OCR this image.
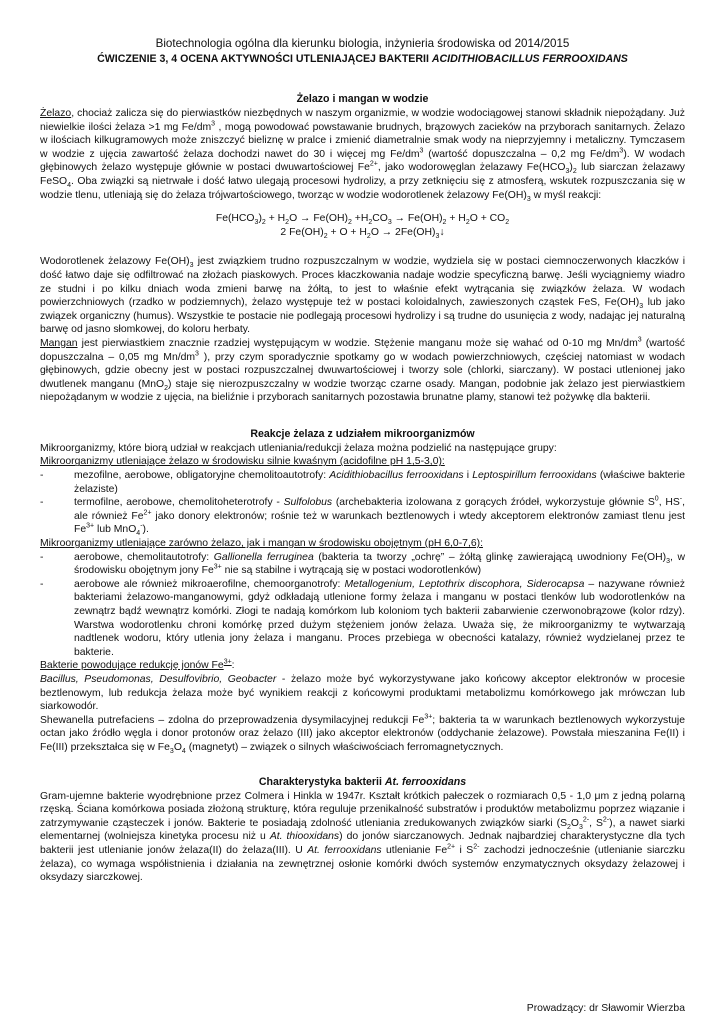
Biotechnologia ogólna dla kierunku biologia, inżynieria środowiska od 2014/2015
ĆWICZENIE 3, 4 OCENA AKTYWNOŚCI UTLENIAJĄCEJ BAKTERII ACIDITHIOBACILLUS FERROOXIDANS
Żelazo i mangan w wodzie

Żelazo, chociaż zalicza się do pierwiastków niezbędnych w naszym organizmie, w wodzie wodociągowej stanowi składnik niepożądany. Już niewielkie ilości żelaza >1 mg $Fe/dm^3$ , mogą powodować powstawanie brudnych, brązowych zacieków na przyborach sanitarnych. Żelazo w ilościach kilkugramowych może zniszczyć bieliznę w pralce i zmienić diametralnie smak wody na nieprzyjemny i metaliczny. Tymczasem w wodzie z ujęcia zawartość żelaza dochodzi nawet do 30 i więcej mg $Fe/dm^3$ (wartość dopuszczalna – 0,2 mg $Fe/dm^3$). W wodach głębinowych żelazo występuje głównie w postaci dwuwartościowej $Fe^{2+}$, jako wodorowęglan żelazawy $Fe(HCO_3)_2$ lub siarczan żelazawy FeSO$_4$. Oba związki są nietrwałe i dość łatwo ulegają procesowi hydrolizy, a przy zetknięciu się z atmosferą, wskutek rozpuszczania się w wodzie tlenu, utleniają się do żelaza trójwartościowego, tworząc w wodzie wodorotlenek żelazowy $Fe(OH)_3$ w myśl reakcji:

$Fe(HCO_3)_2 + H_2O \to Fe(OH)_2 +H_2CO_3 \to Fe(OH)_2 + H_2O + CO_2$
2 $Fe(OH)_2 + O + H_2O$ → $2Fe(OH)_3↓$

Wodorotlenek żelazowy $Fe(OH)_3$ jest związkiem trudno rozpuszczalnym w wodzie, wydziela się w postaci ciemnoczerwonych kłaczków i dość łatwo daje się odfiltrować na złożach piaskowych. Proces kłaczkowania nadaje wodzie specyficzną barwę. Jeśli wyciągniemy wiadro ze studni i po kilku dniach woda zmieni barwę na żółtą, to jest to właśnie efekt wytrącania się związków żelaza. W wodach powierzchniowych (rzadko w podziemnych), żelazo występuje też w postaci koloidalnych, zawieszonych cząstek FeS, $Fe(OH)_3$ lub jako związek organiczny (humus). Wszystkie te postacie nie podlegają procesowi hydrolizy i są trudne do usunięcia z wody, nadając jej naturalną barwę od jasno słomkowej, do koloru herbaty.

Mangan jest pierwiastkiem znacznie rzadziej występującym w wodzie. Stężenie manganu może się wahać od 0-10 mg $Mn/dm^3$ (wartość dopuszczalna – 0,05 mg $Mn/dm^3$ ), przy czym sporadycznie spotkamy go w wodach powierzchniowych, częściej natomiast w wodach głębinowych, gdzie obecny jest w postaci rozpuszczalnej dwuwartościowej i tworzy sole (chlorki, siarczany). W postaci utlenionej jako dwutlenek manganu (MnO$_2$) staje się nierozpuszczalny w wodzie tworząc czarne osady. Mangan, podobnie jak żelazo jest pierwiastkiem niepożądanym w wodzie z ujęcia, na bieliźnie i przyborach sanitarnych pozostawia brunatne plamy, stanowi też pożywkę dla bakterii.

Reakcje żelaza z udziałem mikroorganizmów

Mikroorganizmy, które biorą udział w reakcjach utleniania/redukcji żelaza można podzielić na następujące grupy:

Mikroorganizmy utleniające żelazo w środowisku silnie kwaśnym (acidofilne pH 1,5-3,0):

- mezofilne, aerobowe, obligatoryjne chemolitoautotrofy: Acidithiobacillus ferrooxidans i Leptospirillum ferrooxidans (właściwe bakterie żelaziste)
- termofilne, aerobowe, chemolitoheterotrofy - Sulfolobus (archebakteria izolowana z gorących źródeł, wykorzystuje głównie $S^0$, HS-, ale również $Fe^{2+}$ jako donory elektronów; rośnie też w warunkach beztlenowych i wtedy akceptorem elektronów zamiast tlenu jest $Fe^{3+}$ lub MnO$_4$-).

Mikroorganizmy utleniające zarówno żelazo, jak i mangan w środowisku obojętnym (pH 6,0-7,6):

- aerobowe, chemolitautotrofy: Gallionella ferruginea (bakteria ta tworzy „ochrę” – żółtą glinkę zawierającą uwodniony $Fe(OH)_3$, w środowisku obojętnym jony $Fe^{3+}$ nie są stabilne i wytrącają się w postaci wodorotlenków)
- aerobowe ale również mikroaerofilne, chemoorganotrofy: Metallogenium, Leptothrix discophora, Siderocapsa – nazywane również bakteriami żelazowo-manganowymi, gdyż odkładają utlenione formy żelaza i manganu w postaci tlenków lub wodorotlenków na zewnątrz bądź wewnątrz komórki. Złogi te nadają komórkom lub koloniom tych bakterii zabarwienie czerwonobrązowe (kolor rdzy). Warstwa wodorotlenku chroni komórkę przed dużym stężeniem jonów żelaza. Uważa się, że mikroorganizmy te wytwarzają nadtlenek wodoru, który utlenia jony żelaza i manganu. Proces przebiega w obecności katalazy, również wydzielanej przez te bakterie.

Bakterie powodujące redukcję jonów $Fe^{3+}$:

Bacillus, Pseudomonas, Desulfovibrio, Geobacter - żelazo może być wykorzystywane jako końcowy akceptor elektronów w procesie beztlenowym, lub redukcja żelaza może być wynikiem reakcji z końcowymi produktami metabolizmu komórkowego jak mrówczan lub siarkowodór.

Shewanella putrefaciens – zdolna do przeprowadzenia dysymilacyjnej redukcji $Fe^{3+}$; bakteria ta w warunkach beztlenowych wykorzystuje octan jako źródło węgla i donor protonów oraz żelazo (III) jako akceptor elektronów (oddychanie żelazowe). Powstała mieszanina Fe(II) i Fe(III) przekształca się w $Fe_3O_4$ (magnetyt) – związek o silnych właściwościach ferromagnetycznych.

Charakterystyka bakterii At. ferrooxidans

Gram-ujemne bakterie wyodrębnione przez Colmera i Hinkla w 1947r. Kształt krótkich pałeczek o rozmiarach 0,5 - 1,0 μm z jedną polarną rzęską. Ściana komórkowa posiada złożoną strukturę, która reguluje przenikalność substratów i produktów metabolizmu poprzez wiązanie i zatrzymywanie cząsteczek i jonów. Bakterie te posiadają zdolność utleniania zredukowanych związków siarki ($S_2O_3^{2-}$, $S^{2-}$), a nawet siarki elementarnej (wolniejsza kinetyka procesu niż u At. thiooxidans) do jonów siarczanowych. Jednak najbardziej charakterystyczne dla tych bakterii jest utlenianie jonów żelaza(II) do żelaza(III). U At. ferrooxidans utlenianie $Fe^{2+}$ i $S^{2-}$ zachodzi jednocześnie (utlenianie siarczku żelaza), co wymaga współistnienia i działania na zewnętrznej osłonie komórki dwóch systemów enzymatycznych oksydazy żelazowej i oksydazy siarczkowej.

Prowadzący: dr Sławomir Wierzba
